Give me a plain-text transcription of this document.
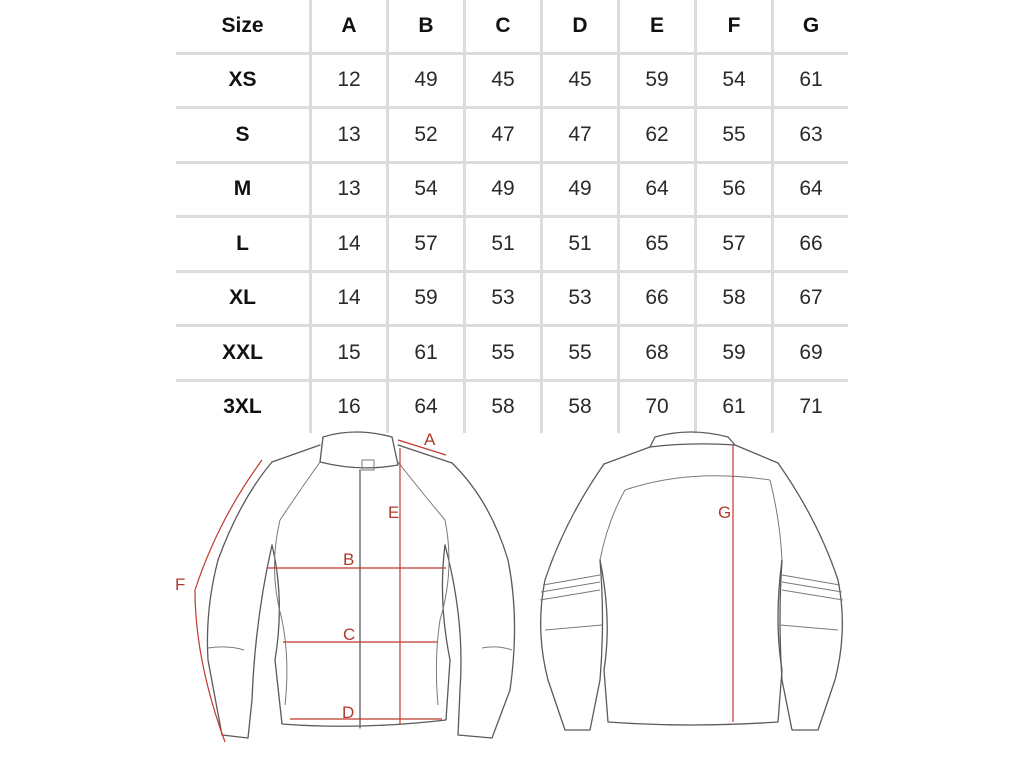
Size	A	B	C	D	E	F	G
XS	12	49	45	45	59	54	61
S	13	52	47	47	62	55	63
M	13	54	49	49	64	56	64
L	14	57	51	51	65	57	66
XL	14	59	53	53	66	58	67
XXL	15	61	55	55	68	59	69
3XL	16	64	58	58	70	61	71
A
B
C
D
E
F
G
